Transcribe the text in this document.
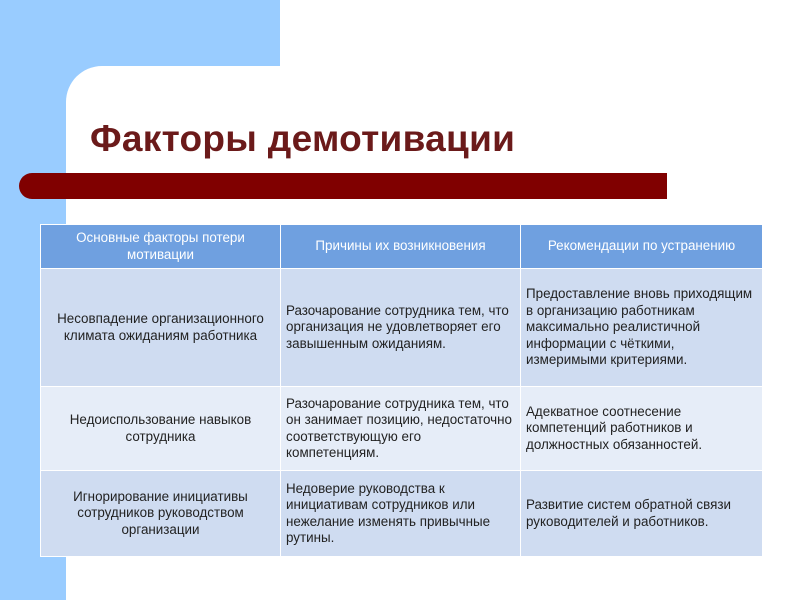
Факторы демотивации
Основные факторы потери мотивации	Причины их возникновения	Рекомендации по устранению
Несовпадение организационного климата ожиданиям работника	Разочарование сотрудника тем, что организация не удовлетворяет его завышенным ожиданиям.	Предоставление вновь приходящим в организацию работникам максимально реалистичной информации с чёткими, измеримыми критериями.
Недоиспользование навыков сотрудника	Разочарование сотрудника тем, что он занимает позицию, недостаточно соответствующую его компетенциям.	Адекватное соотнесение компетенций работников и должностных обязанностей.
Игнорирование инициативы сотрудников руководством организации	Недоверие руководства к инициативам сотрудников или нежелание изменять привычные рутины.	Развитие систем обратной связи руководителей и работников.
